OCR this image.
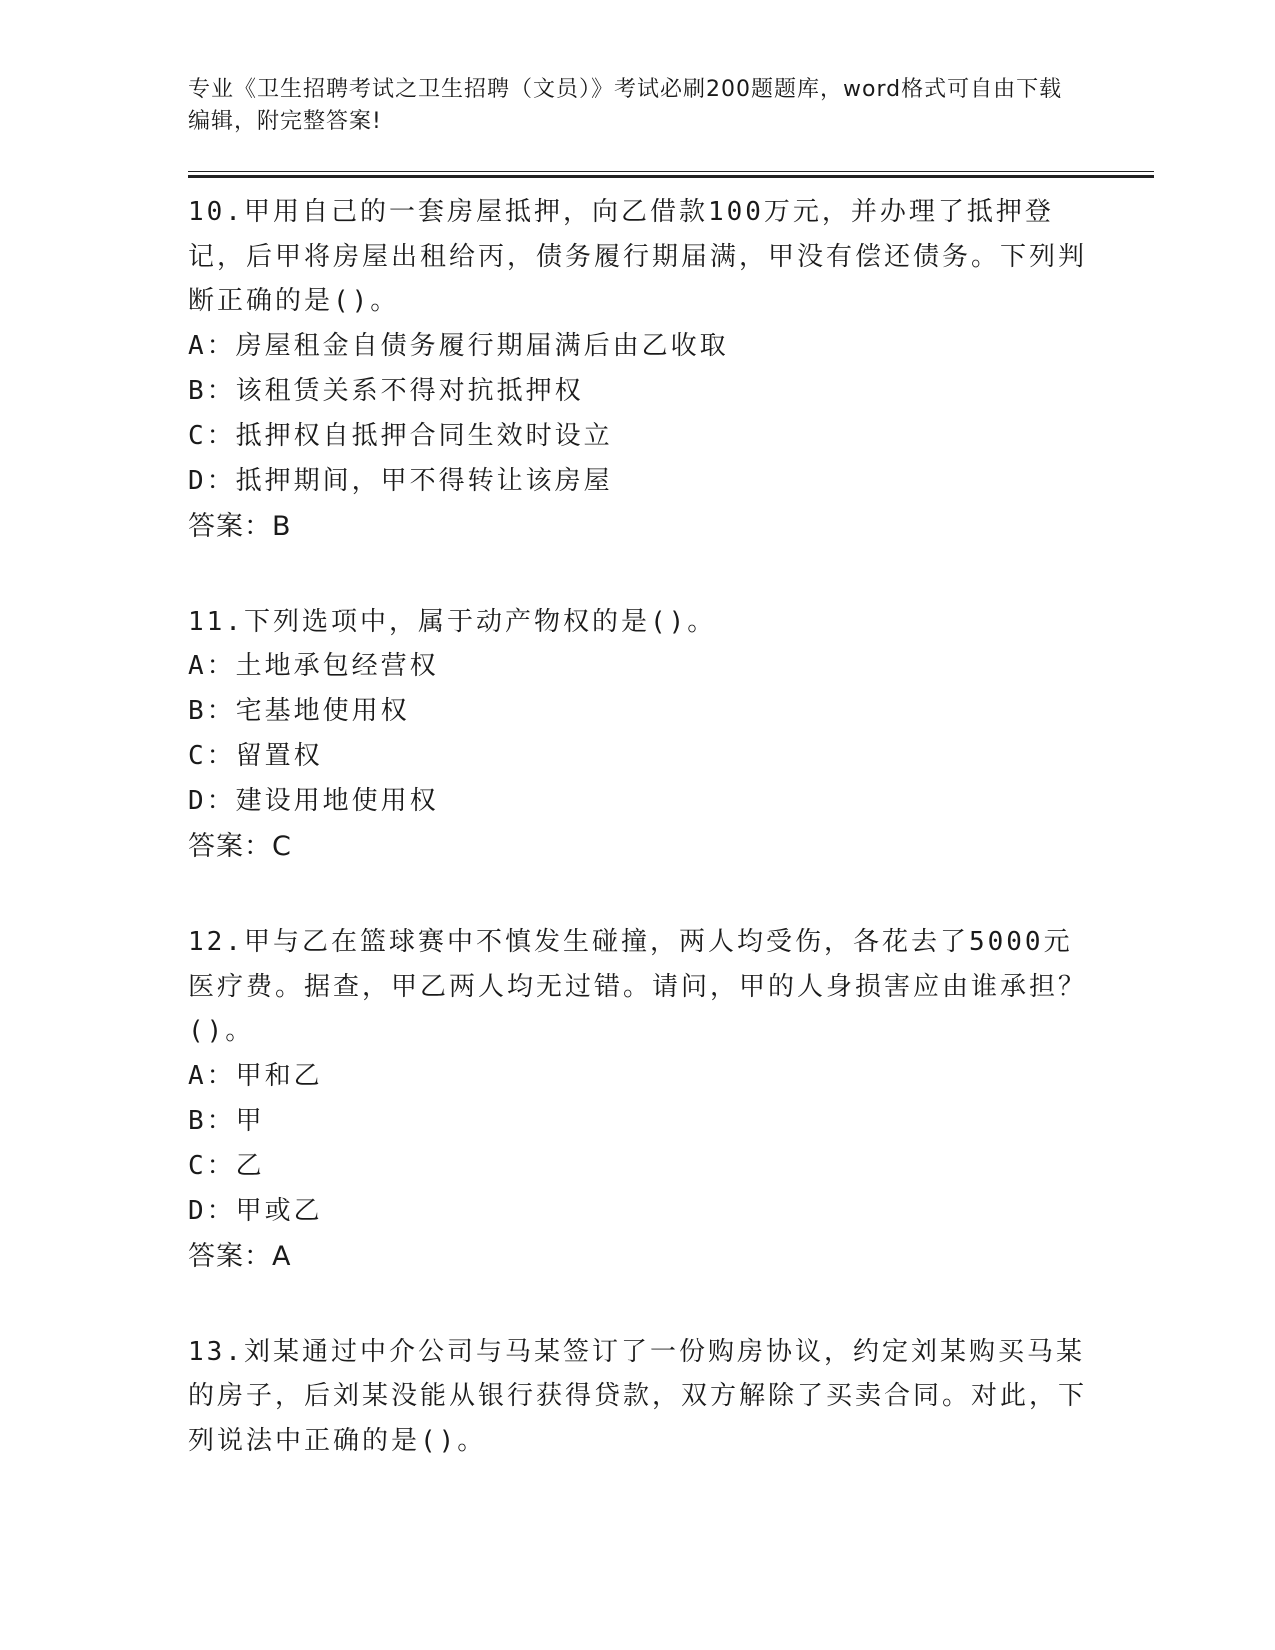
专业《卫生招聘考试之卫生招聘（文员）》考试必刷200题题库，word格式可自由下载编辑，附完整答案!

10.甲用自己的一套房屋抵押，向乙借款100万元，并办理了抵押登记，后甲将房屋出租给丙，债务履行期届满，甲没有偿还债务。下列判断正确的是()。

A：房屋租金自债务履行期届满后由乙收取

B：该租赁关系不得对抗抵押权

C：抵押权自抵押合同生效时设立

D：抵押期间，甲不得转让该房屋

答案：B

11.下列选项中，属于动产物权的是()。

A：土地承包经营权

B：宅基地使用权

C：留置权

D：建设用地使用权

答案：C

12.甲与乙在篮球赛中不慎发生碰撞，两人均受伤，各花去了5000元医疗费。据查，甲乙两人均无过错。请问，甲的人身损害应由谁承担？()。

A：甲和乙

B：甲

C：乙

D：甲或乙

答案：A

13.刘某通过中介公司与马某签订了一份购房协议，约定刘某购买马某的房子，后刘某没能从银行获得贷款，双方解除了买卖合同。对此，下列说法中正确的是()。
